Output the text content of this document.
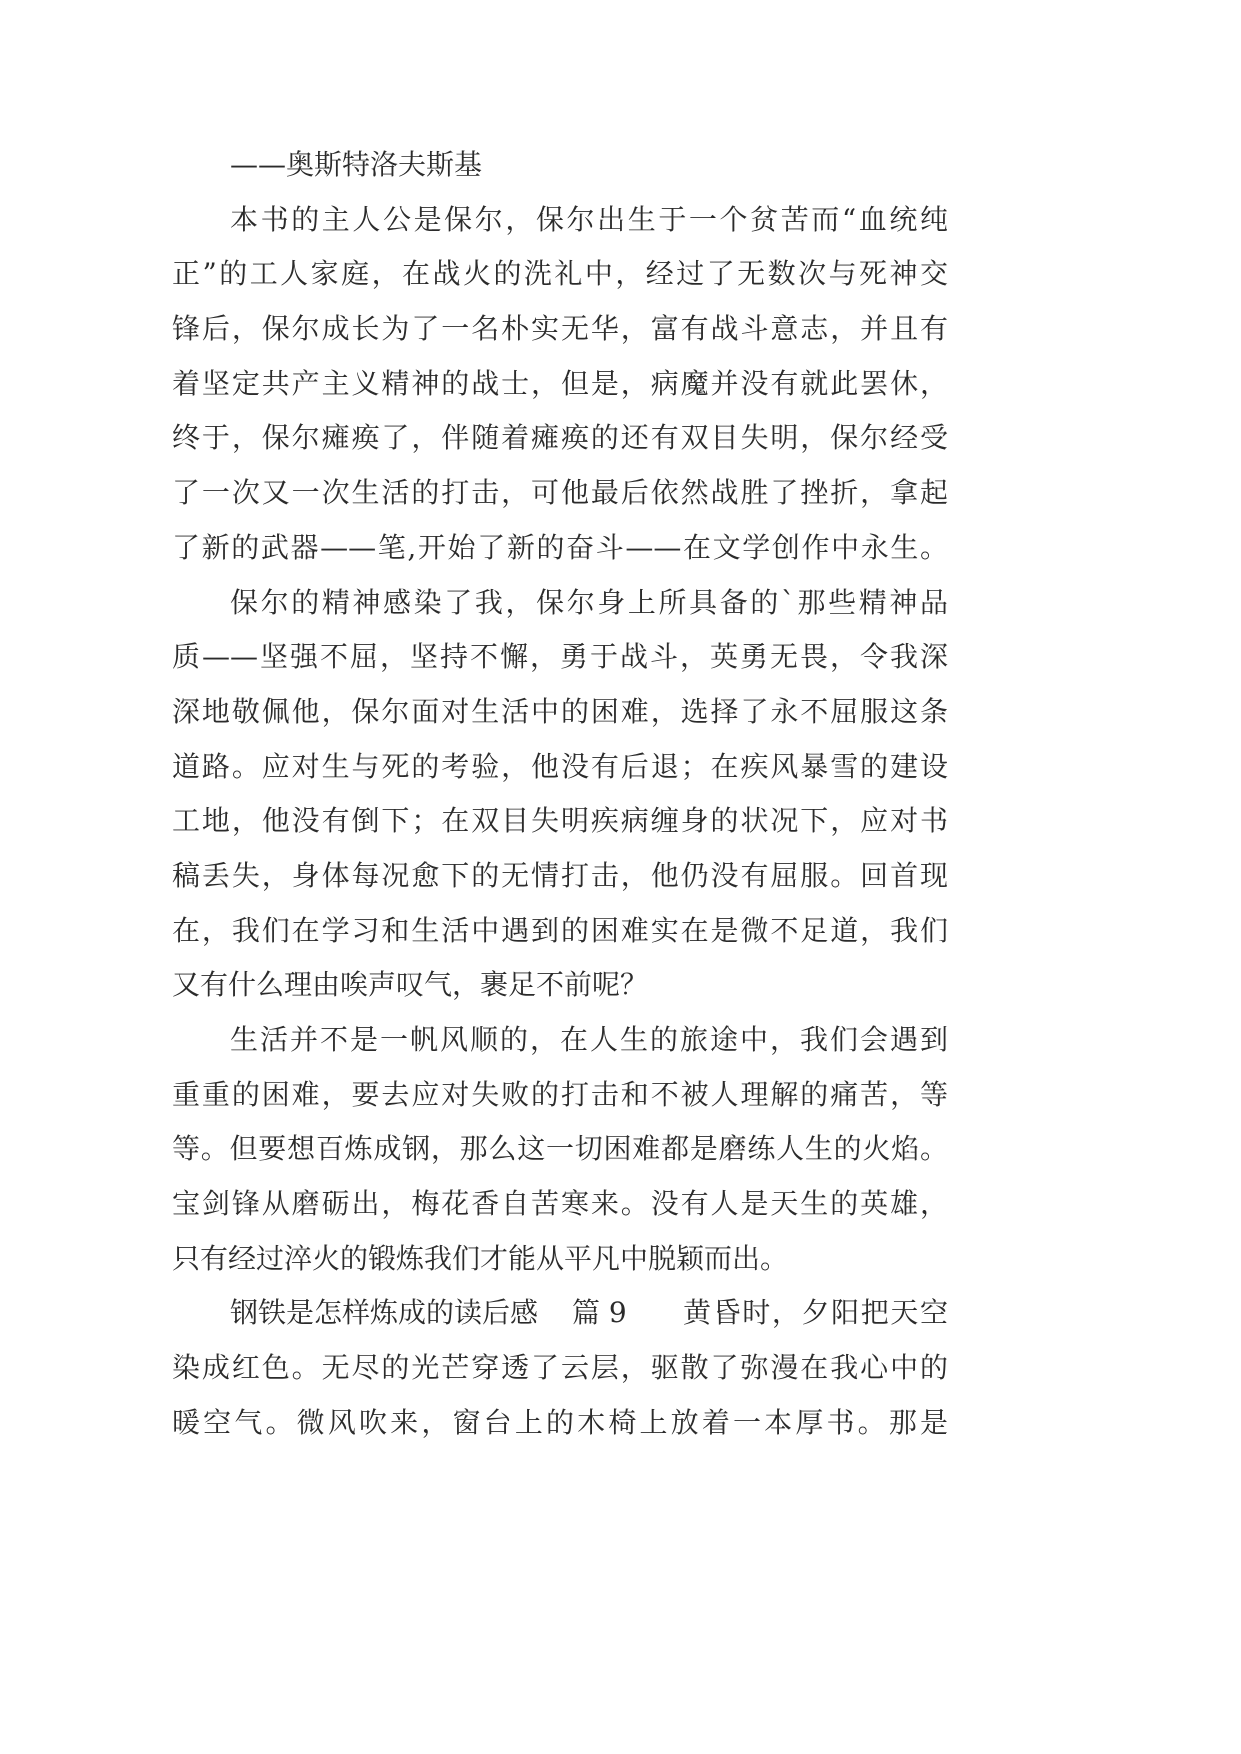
——奥斯特洛夫斯基
本书的主人公是保尔，保尔出生于一个贫苦而“血统纯
正”的工人家庭，在战火的洗礼中，经过了无数次与死神交
锋后，保尔成长为了一名朴实无华，富有战斗意志，并且有
着坚定共产主义精神的战士，但是，病魔并没有就此罢休，
终于，保尔瘫痪了，伴随着瘫痪的还有双目失明，保尔经受
了一次又一次生活的打击，可他最后依然战胜了挫折，拿起
了新的武器——笔,开始了新的奋斗——在文学创作中永生。
保尔的精神感染了我，保尔身上所具备的`那些精神品
质——坚强不屈，坚持不懈，勇于战斗，英勇无畏，令我深
深地敬佩他，保尔面对生活中的困难，选择了永不屈服这条
道路。应对生与死的考验，他没有后退；在疾风暴雪的建设
工地，他没有倒下；在双目失明疾病缠身的状况下，应对书
稿丢失，身体每况愈下的无情打击，他仍没有屈服。回首现
在，我们在学习和生活中遇到的困难实在是微不足道，我们
又有什么理由唉声叹气，裹足不前呢？
生活并不是一帆风顺的，在人生的旅途中，我们会遇到
重重的困难，要去应对失败的打击和不被人理解的痛苦，等
等。但要想百炼成钢，那么这一切困难都是磨练人生的火焰。
宝剑锋从磨砺出，梅花香自苦寒来。没有人是天生的英雄，
只有经过淬火的锻炼我们才能从平凡中脱颖而出。
钢铁是怎样炼成的读后感 篇 9 黄昏时，夕阳把天空
染成红色。无尽的光芒穿透了云层，驱散了弥漫在我心中的
暖空气。微风吹来，窗台上的木椅上放着一本厚书。那是
